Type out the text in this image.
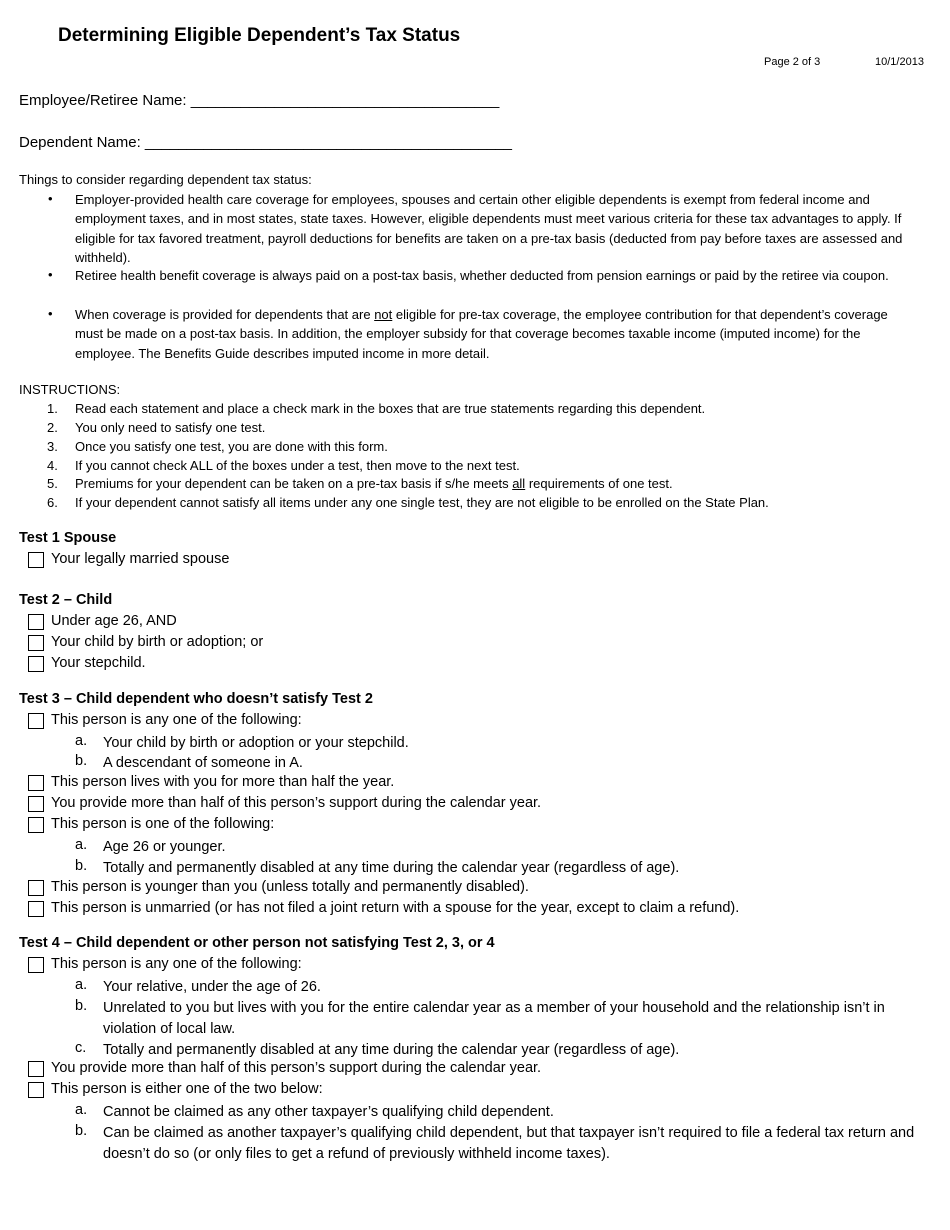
Determining Eligible Dependent’s Tax Status
Page 2 of 3	10/1/2013
Employee/Retiree Name: _____________________________________
Dependent Name: ____________________________________________
Things to consider regarding dependent tax status:
• Employer-provided health care coverage for employees, spouses and certain other eligible dependents is exempt from federal income and employment taxes, and in most states, state taxes. However, eligible dependents must meet various criteria for these tax advantages to apply. If eligible for tax favored treatment, payroll deductions for benefits are taken on a pre-tax basis (deducted from pay before taxes are assessed and withheld).
• Retiree health benefit coverage is always paid on a post-tax basis, whether deducted from pension earnings or paid by the retiree via coupon.
• When coverage is provided for dependents that are not eligible for pre-tax coverage, the employee contribution for that dependent’s coverage must be made on a post-tax basis. In addition, the employer subsidy for that coverage becomes taxable income (imputed income) for the employee. The Benefits Guide describes imputed income in more detail.
INSTRUCTIONS:
1. Read each statement and place a check mark in the boxes that are true statements regarding this dependent.
2. You only need to satisfy one test.
3. Once you satisfy one test, you are done with this form.
4. If you cannot check ALL of the boxes under a test, then move to the next test.
5. Premiums for your dependent can be taken on a pre-tax basis if s/he meets all requirements of one test.
6. If your dependent cannot satisfy all items under any one single test, they are not eligible to be enrolled on the State Plan.
Test 1 Spouse
Your legally married spouse
Test 2 – Child
Under age 26, AND
Your child by birth or adoption; or
Your stepchild.
Test 3 – Child dependent who doesn’t satisfy Test 2
This person is any one of the following:
a. Your child by birth or adoption or your stepchild.
b. A descendant of someone in A.
This person lives with you for more than half the year.
You provide more than half of this person’s support during the calendar year.
This person is one of the following:
a. Age 26 or younger.
b. Totally and permanently disabled at any time during the calendar year (regardless of age).
This person is younger than you (unless totally and permanently disabled).
This person is unmarried (or has not filed a joint return with a spouse for the year, except to claim a refund).
Test 4 – Child dependent or other person not satisfying Test 2, 3, or 4
This person is any one of the following:
a. Your relative, under the age of 26.
b. Unrelated to you but lives with you for the entire calendar year as a member of your household and the relationship isn’t in violation of local law.
c. Totally and permanently disabled at any time during the calendar year (regardless of age).
You provide more than half of this person’s support during the calendar year.
This person is either one of the two below:
a. Cannot be claimed as any other taxpayer’s qualifying child dependent.
b. Can be claimed as another taxpayer’s qualifying child dependent, but that taxpayer isn’t required to file a federal tax return and doesn’t do so (or only files to get a refund of previously withheld income taxes).
